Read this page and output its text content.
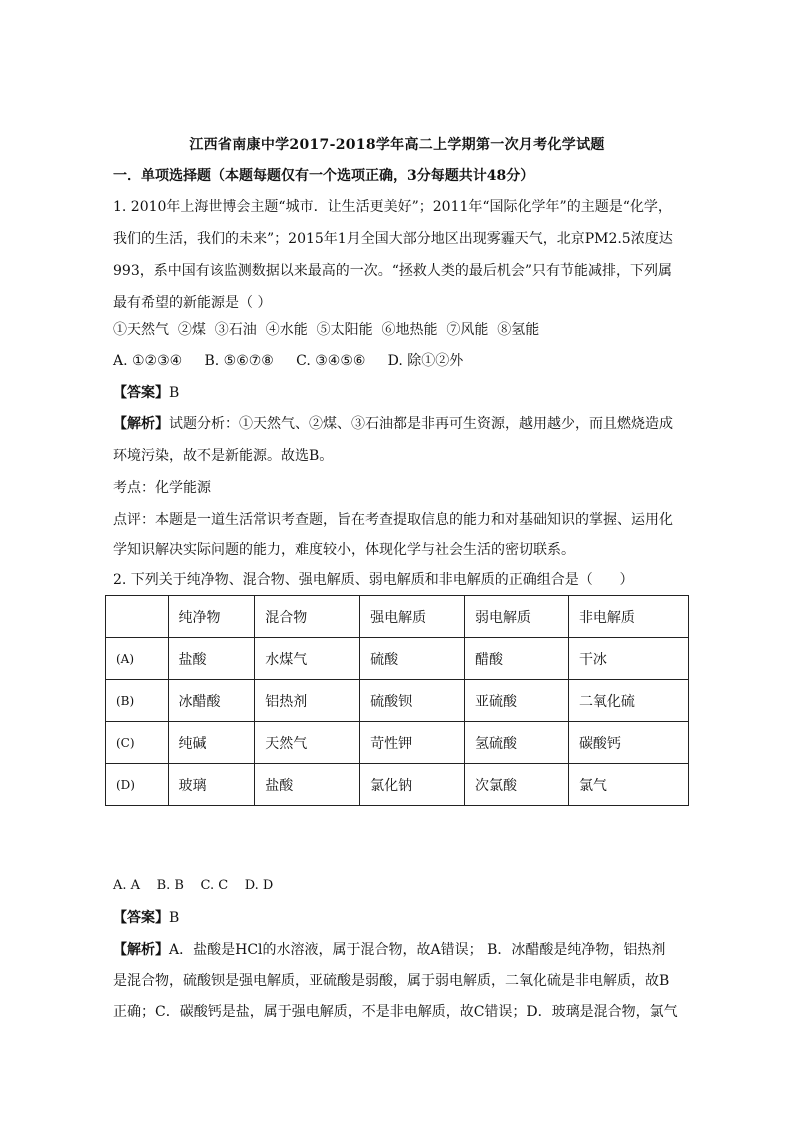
江西省南康中学2017-2018学年高二上学期第一次月考化学试题
一．单项选择题（本题每题仅有一个选项正确，3分每题共计48分）
1. 2010年上海世博会主题“城市．让生活更美好”；2011年“国际化学年”的主题是“化学，
我们的生活，我们的未来”；2015年1月全国大部分地区出现雾霾天气，北京PM2.5浓度达
993，系中国有该监测数据以来最高的一次。“拯救人类的最后机会”只有节能减排，下列属
最有希望的新能源是（ ）
①天然气  ②煤  ③石油  ④水能  ⑤太阳能  ⑥地热能  ⑦风能  ⑧氢能
A. ①②③④     B. ⑤⑥⑦⑧     C. ③④⑤⑥     D. 除①②外
【答案】B
【解析】试题分析：①天然气、②煤、③石油都是非再可生资源，越用越少，而且燃烧造成
环境污染，故不是新能源。故选B。
考点：化学能源
点评：本题是一道生活常识考查题，旨在考查提取信息的能力和对基础知识的掌握、运用化
学知识解决实际问题的能力，难度较小，体现化学与社会生活的密切联系。
2. 下列关于纯净物、混合物、强电解质、弱电解质和非电解质的正确组合是（      ）
	纯净物	混合物	强电解质	弱电解质	非电解质
(A)	盐酸	水煤气	硫酸	醋酸	干冰
(B)	冰醋酸	铝热剂	硫酸钡	亚硫酸	二氧化硫
(C)	纯碱	天然气	苛性钾	氢硫酸	碳酸钙
(D)	玻璃	盐酸	氯化钠	次氯酸	氯气
A. A    B. B    C. C    D. D
【答案】B
【解析】A．盐酸是HCl的水溶液，属于混合物，故A错误； B．冰醋酸是纯净物，铝热剂
是混合物，硫酸钡是强电解质，亚硫酸是弱酸，属于弱电解质，二氧化硫是非电解质，故B
正确；C．碳酸钙是盐，属于强电解质，不是非电解质，故C错误；D．玻璃是混合物，氯气
